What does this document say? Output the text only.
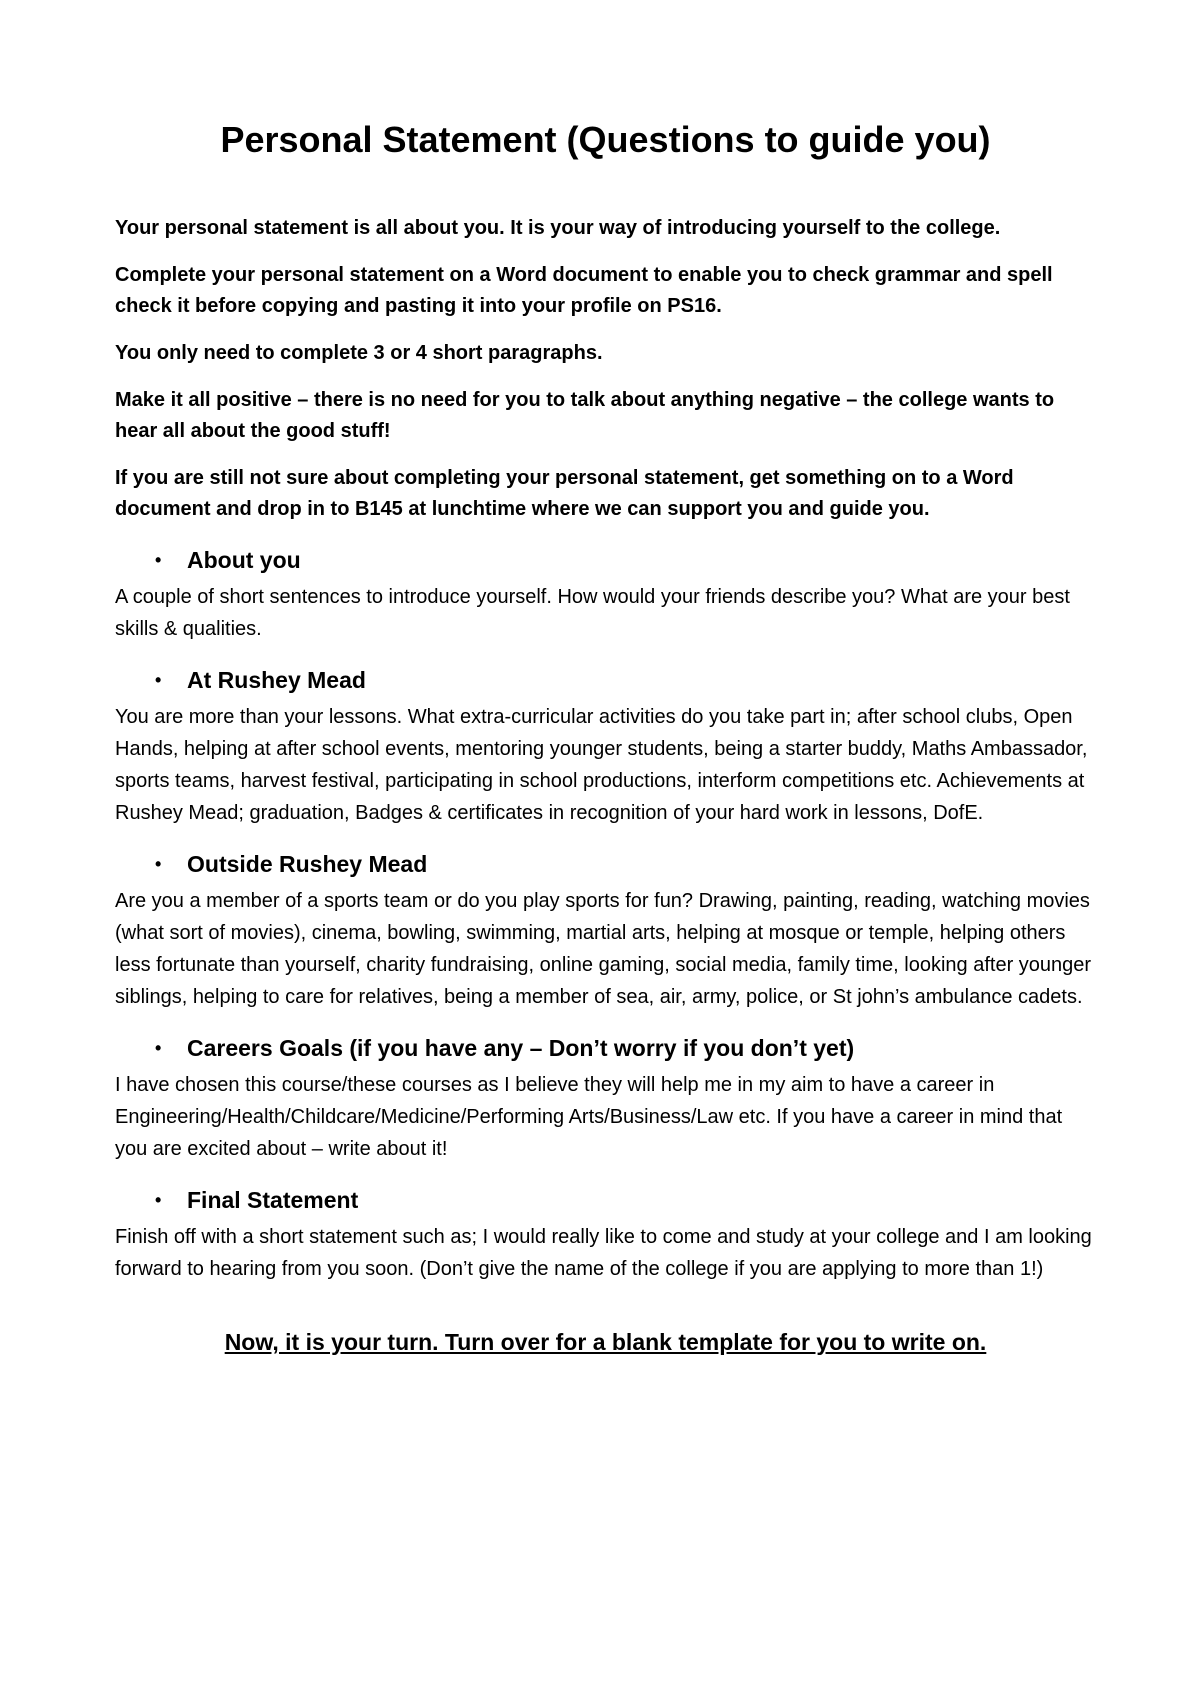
Personal Statement (Questions to guide you)

Your personal statement is all about you. It is your way of introducing yourself to the college.

Complete your personal statement on a Word document to enable you to check grammar and spell check it before copying and pasting it into your profile on PS16.

You only need to complete 3 or 4 short paragraphs.

Make it all positive – there is no need for you to talk about anything negative – the college wants to hear all about the good stuff!

If you are still not sure about completing your personal statement, get something on to a Word document and drop in to B145 at lunchtime where we can support you and guide you.

•	About you

A couple of short sentences to introduce yourself. How would your friends describe you? What are your best skills & qualities.

•	At Rushey Mead

You are more than your lessons. What extra-curricular activities do you take part in; after school clubs, Open Hands, helping at after school events, mentoring younger students, being a starter buddy, Maths Ambassador, sports teams, harvest festival, participating in school productions, interform competitions etc. Achievements at Rushey Mead; graduation, Badges & certificates in recognition of your hard work in lessons, DofE.

•	Outside Rushey Mead

Are you a member of a sports team or do you play sports for fun? Drawing, painting, reading, watching movies (what sort of movies), cinema, bowling, swimming, martial arts, helping at mosque or temple, helping others less fortunate than yourself, charity fundraising, online gaming, social media, family time, looking after younger siblings, helping to care for relatives, being a member of sea, air, army, police, or St john’s ambulance cadets.

•	Careers Goals (if you have any – Don’t worry if you don’t yet)

I have chosen this course/these courses as I believe they will help me in my aim to have a career in Engineering/Health/Childcare/Medicine/Performing Arts/Business/Law etc. If you have a career in mind that you are excited about – write about it!

•	Final Statement

Finish off with a short statement such as; I would really like to come and study at your college and I am looking forward to hearing from you soon. (Don’t give the name of the college if you are applying to more than 1!)

Now, it is your turn. Turn over for a blank template for you to write on.
